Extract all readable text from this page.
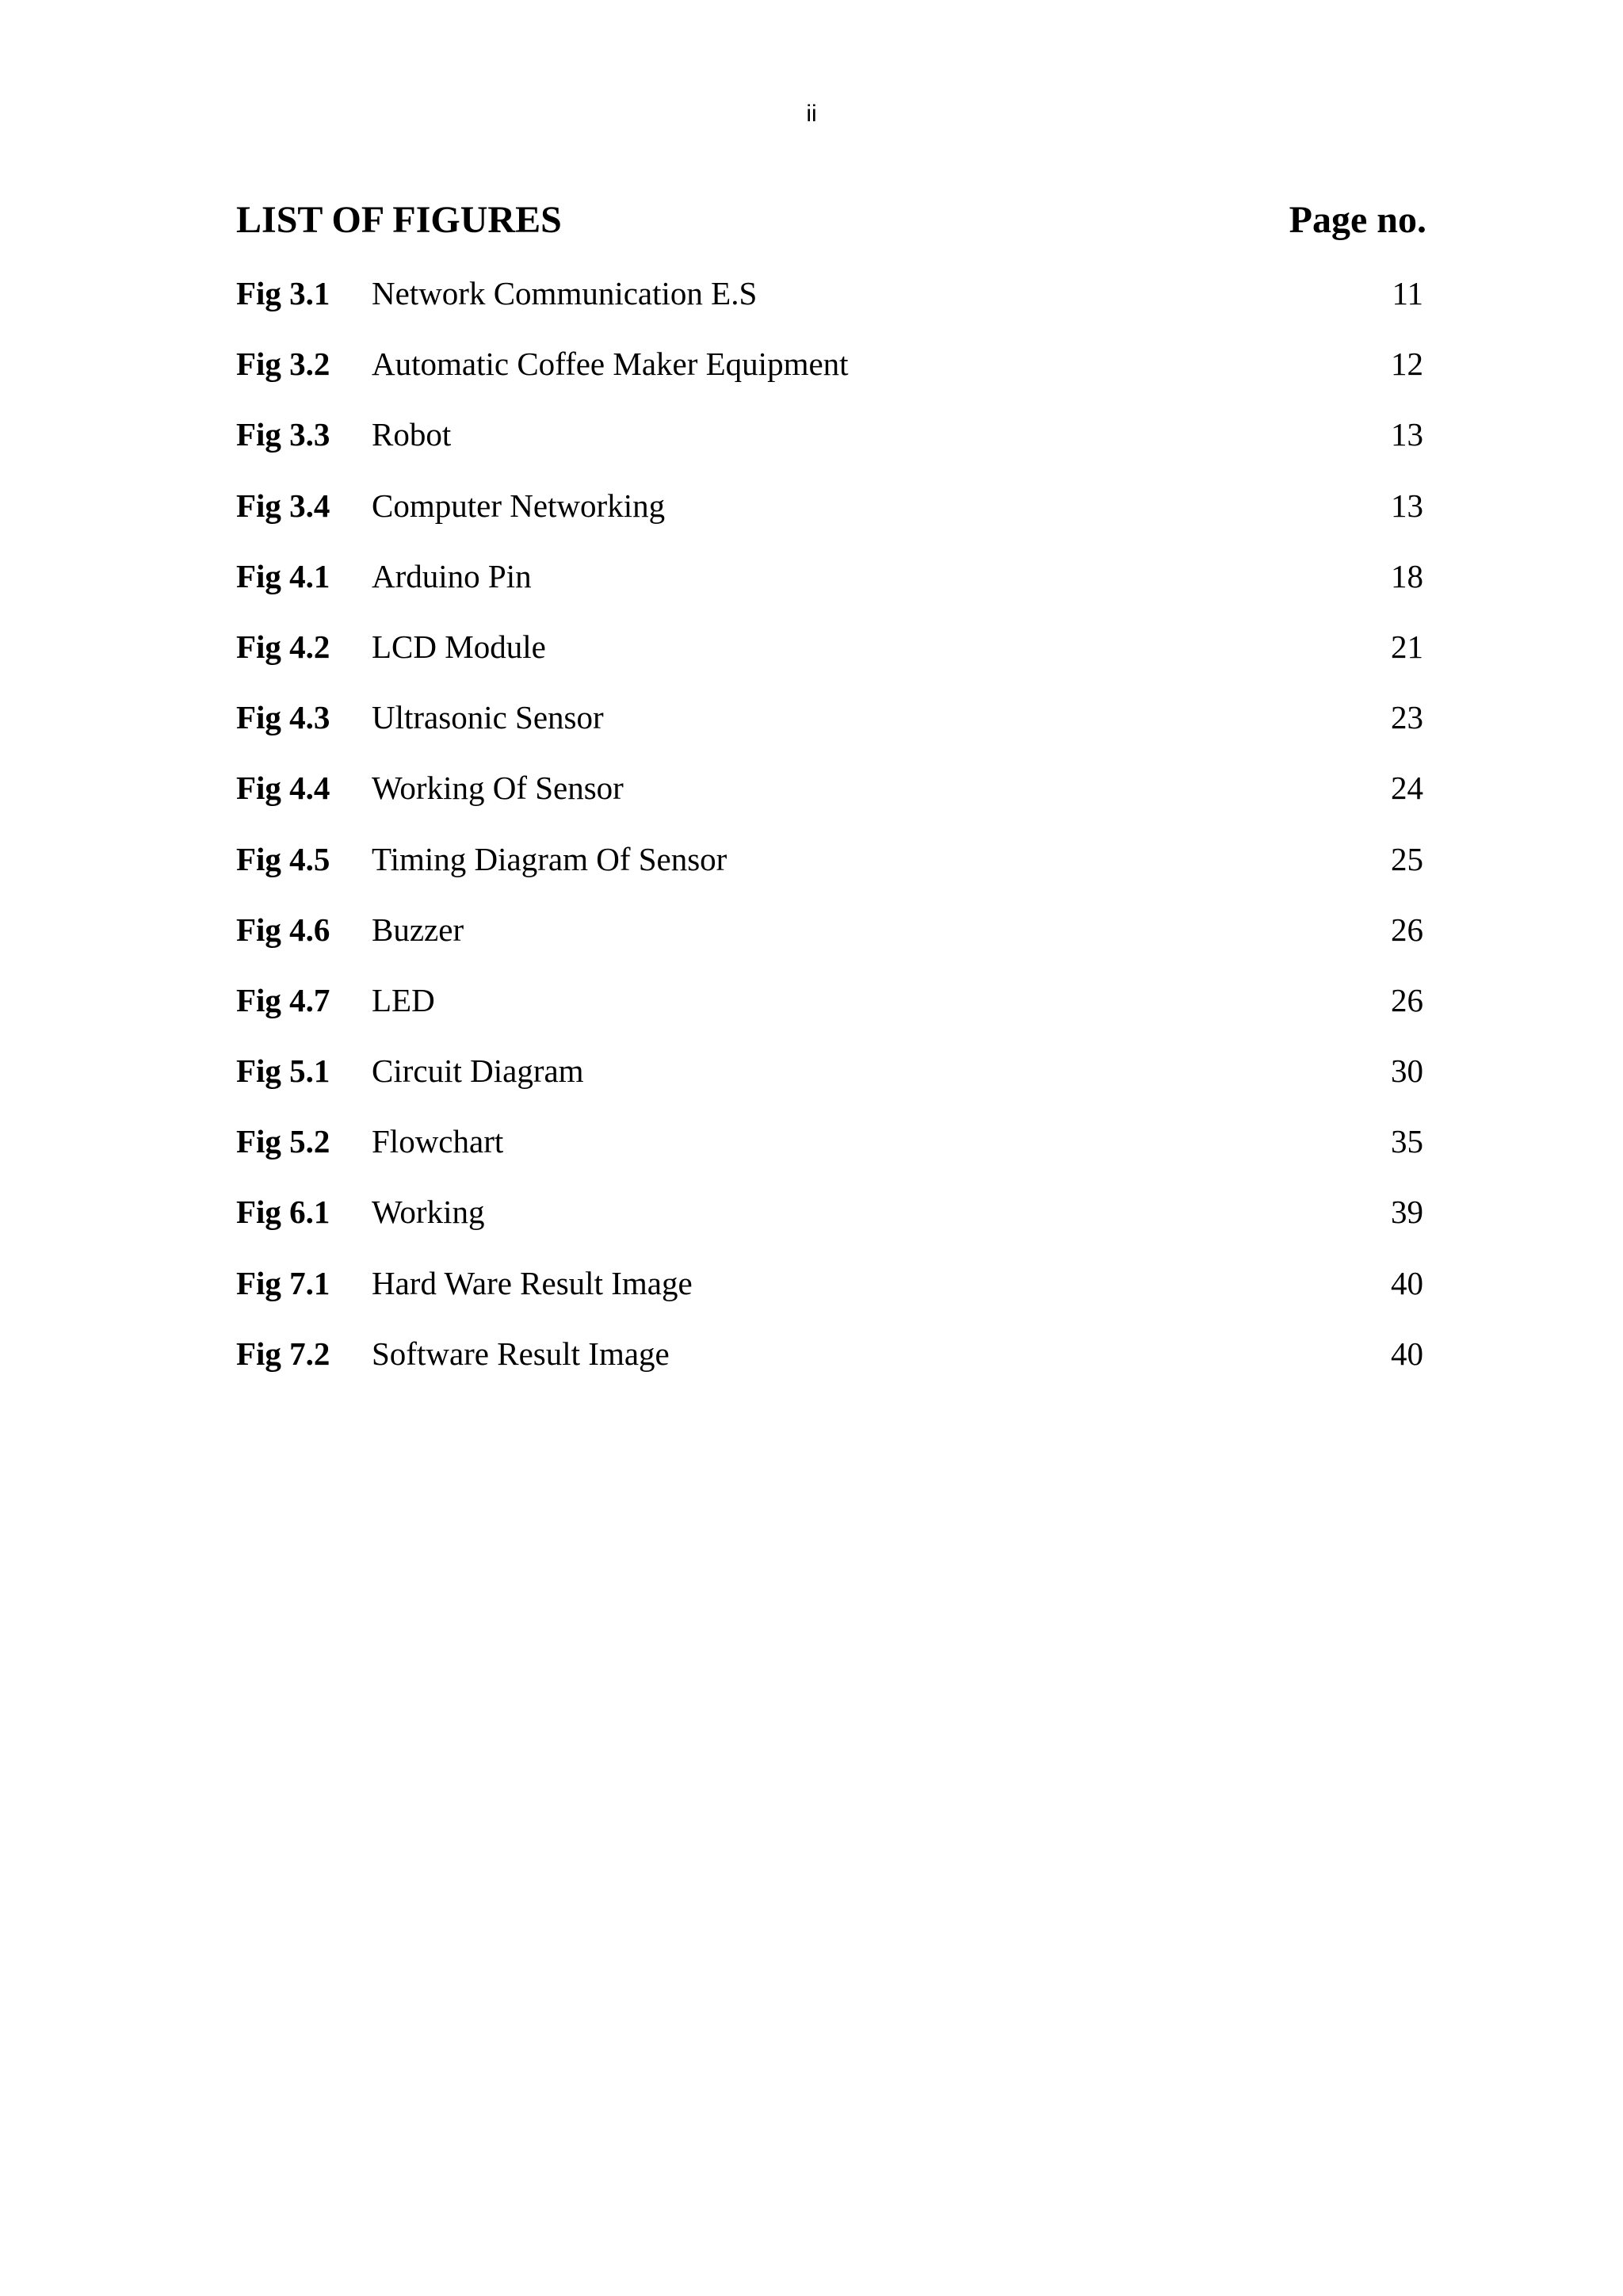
ii
LIST OF FIGURES	Page no.
Fig 3.1 Network Communication E.S	11
Fig 3.2 Automatic Coffee Maker Equipment	12
Fig 3.3 Robot	13
Fig 3.4 Computer Networking	13
Fig 4.1 Arduino Pin	18
Fig 4.2 LCD Module	21
Fig 4.3 Ultrasonic Sensor	23
Fig 4.4 Working Of Sensor	24
Fig 4.5 Timing Diagram Of Sensor	25
Fig 4.6 Buzzer	26
Fig 4.7 LED	26
Fig 5.1 Circuit Diagram	30
Fig 5.2 Flowchart	35
Fig 6.1 Working	39
Fig 7.1 Hard Ware Result Image	40
Fig 7.2 Software Result Image	40
